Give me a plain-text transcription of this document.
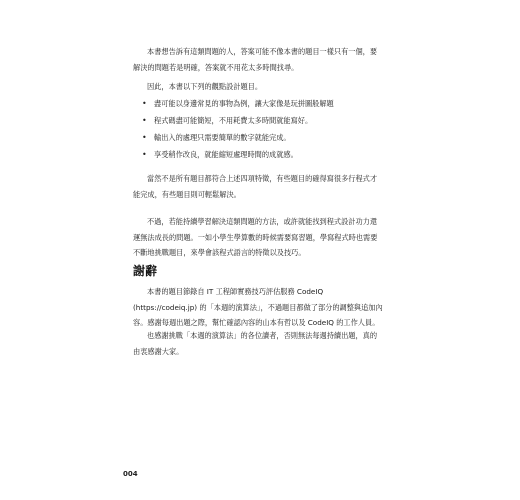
本書想告訴有這類問題的人，答案可能不像本書的題目一樣只有一個，要解決的問題若是明確，答案就不用花太多時間找尋。

因此，本書以下列的觀點設計題目。

• 盡可能以身邊常見的事物為例，讓大家像是玩拼圖般解題
• 程式碼盡可能簡短，不用耗費太多時間就能寫好。
• 輸出入的處理只需要簡單的數字就能完成。
• 享受稍作改良，就能縮短處理時間的成就感。

當然不是所有題目都符合上述四項特徵，有些題目的確得寫很多行程式才能完成，有些題目則可輕鬆解決。

不過，若能持續學習解決這類問題的方法，或許就能找到程式設計功力還運無法成長的問題。一如小學生學算數的時候需要寫習題，學寫程式時也需要不斷地挑戰題目，來學會該程式語言的特徵以及技巧。

謝辭

本書的題目節錄自 IT 工程師實務技巧評估服務 CodeIQ (https://codeiq.jp) 的「本週的演算法」，不過題目都做了部分的調整與追加內容。感謝每週出題之際，幫忙確認內容的山本有哲以及 CodeIQ 的工作人員。

也感謝挑戰「本週的演算法」的各位讀者，否則無法每週持續出題，真的由衷感謝大家。

004
